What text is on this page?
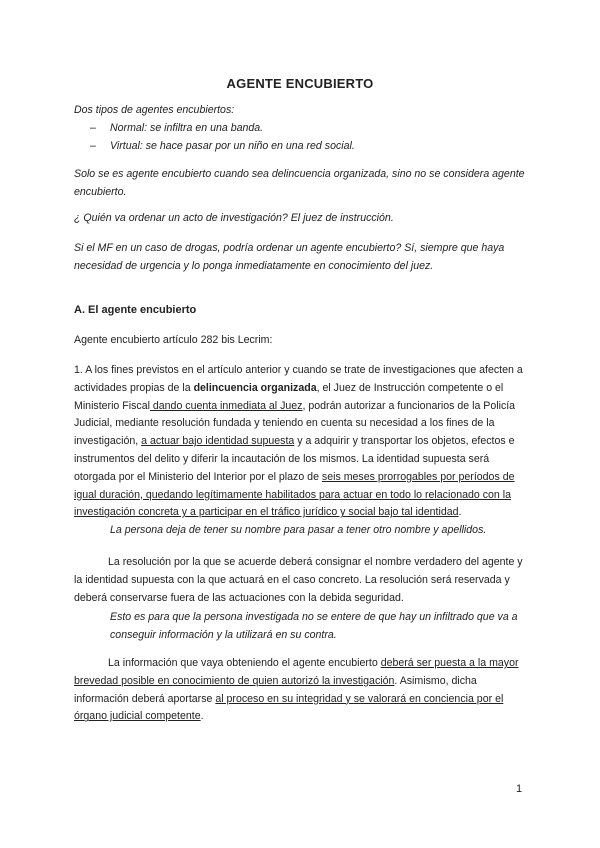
AGENTE ENCUBIERTO

Dos tipos de agentes encubiertos:

– Normal: se infiltra en una banda.
– Virtual: se hace pasar por un niño en una red social.
Solo se es agente encubierto cuando sea delincuencia organizada, sino no se considera agente encubierto.
¿ Quién va ordenar un acto de investigación? El juez de instrucción.
Si el MF en un caso de drogas, podría ordenar un agente encubierto? Sí, siempre que haya necesidad de urgencia y lo ponga inmediatamente en conocimiento del juez.
A. El agente encubierto
Agente encubierto artículo 282 bis Lecrim:
1. A los fines previstos en el artículo anterior y cuando se trate de investigaciones que afecten a actividades propias de la delincuencia organizada, el Juez de Instrucción competente o el Ministerio Fiscal dando cuenta inmediata al Juez, podrán autorizar a funcionarios de la Policía Judicial, mediante resolución fundada y teniendo en cuenta su necesidad a los fines de la investigación, a actuar bajo identidad supuesta y a adquirir y transportar los objetos, efectos e instrumentos del delito y diferir la incautación de los mismos. La identidad supuesta será otorgada por el Ministerio del Interior por el plazo de seis meses prorrogables por períodos de igual duración, quedando legítimamente habilitados para actuar en todo lo relacionado con la investigación concreta y a participar en el tráfico jurídico y social bajo tal identidad.
La persona deja de tener su nombre para pasar a tener otro nombre y apellidos.
La resolución por la que se acuerde deberá consignar el nombre verdadero del agente y la identidad supuesta con la que actuará en el caso concreto. La resolución será reservada y deberá conservarse fuera de las actuaciones con la debida seguridad.
Esto es para que la persona investigada no se entere de que hay un infiltrado que va a conseguir información y la utilizará en su contra.
La información que vaya obteniendo el agente encubierto deberá ser puesta a la mayor brevedad posible en conocimiento de quien autorizó la investigación. Asimismo, dicha información deberá aportarse al proceso en su integridad y se valorará en conciencia por el órgano judicial competente.
1
